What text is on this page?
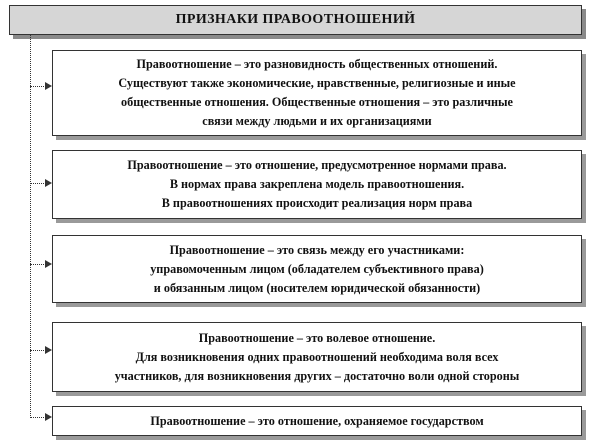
ПРИЗНАКИ ПРАВООТНОШЕНИЙ
Правоотношение – это разновидность общественных отношений.
Существуют также экономические, нравственные, религиозные и иные
общественные отношения. Общественные отношения – это различные
связи между людьми и их организациями
Правоотношение – это отношение, предусмотренное нормами права.
В нормах права закреплена модель правоотношения.
В правоотношениях происходит реализация норм права
Правоотношение – это связь между его участниками:
управомоченным лицом (обладателем субъективного права)
и обязанным лицом (носителем юридической обязанности)
Правоотношение – это волевое отношение.
Для возникновения одних правоотношений необходима воля всех
участников, для возникновения других – достаточно воли одной стороны
Правоотношение – это отношение, охраняемое государством
